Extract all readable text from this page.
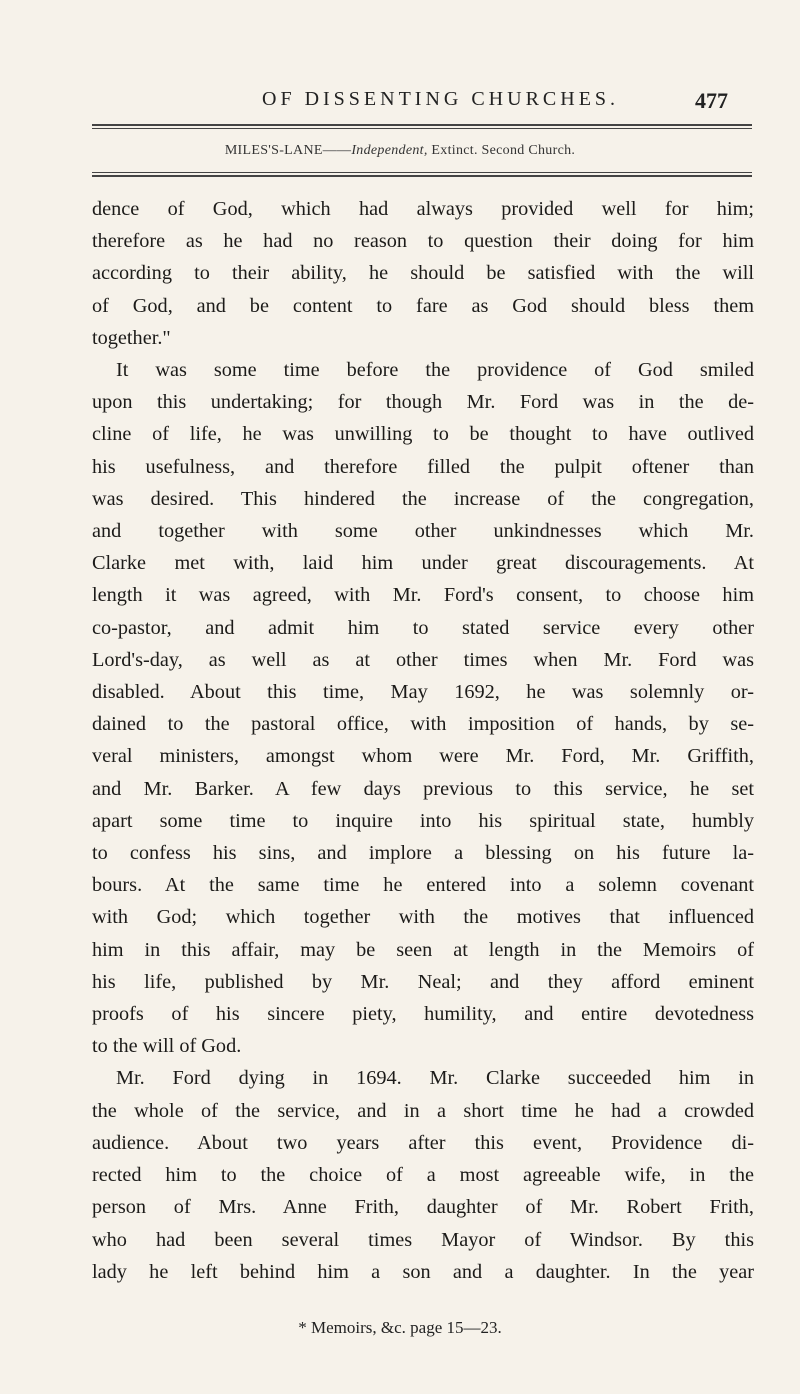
OF DISSENTING CHURCHES.	477
MILES'S-LANE——Independent, Extinct. Second Church.
dence of God, which had always provided well for him;
therefore as he had no reason to question their doing for him
according to their ability, he should be satisfied with the will
of God, and be content to fare as God should bless them
together."
It was some time before the providence of God smiled
upon this undertaking; for though Mr. Ford was in the de-
cline of life, he was unwilling to be thought to have outlived
his usefulness, and therefore filled the pulpit oftener than
was desired. This hindered the increase of the congregation,
and together with some other unkindnesses which Mr.
Clarke met with, laid him under great discouragements. At
length it was agreed, with Mr. Ford's consent, to choose him
co-pastor, and admit him to stated service every other
Lord's-day, as well as at other times when Mr. Ford was
disabled. About this time, May 1692, he was solemnly or-
dained to the pastoral office, with imposition of hands, by se-
veral ministers, amongst whom were Mr. Ford, Mr. Griffith,
and Mr. Barker. A few days previous to this service, he set
apart some time to inquire into his spiritual state, humbly
to confess his sins, and implore a blessing on his future la-
bours. At the same time he entered into a solemn covenant
with God; which together with the motives that influenced
him in this affair, may be seen at length in the Memoirs of
his life, published by Mr. Neal; and they afford eminent
proofs of his sincere piety, humility, and entire devotedness
to the will of God.
Mr. Ford dying in 1694. Mr. Clarke succeeded him in
the whole of the service, and in a short time he had a crowded
audience. About two years after this event, Providence di-
rected him to the choice of a most agreeable wife, in the
person of Mrs. Anne Frith, daughter of Mr. Robert Frith,
who had been several times Mayor of Windsor. By this
lady he left behind him a son and a daughter. In the year
* Memoirs, &c. page 15—23.
